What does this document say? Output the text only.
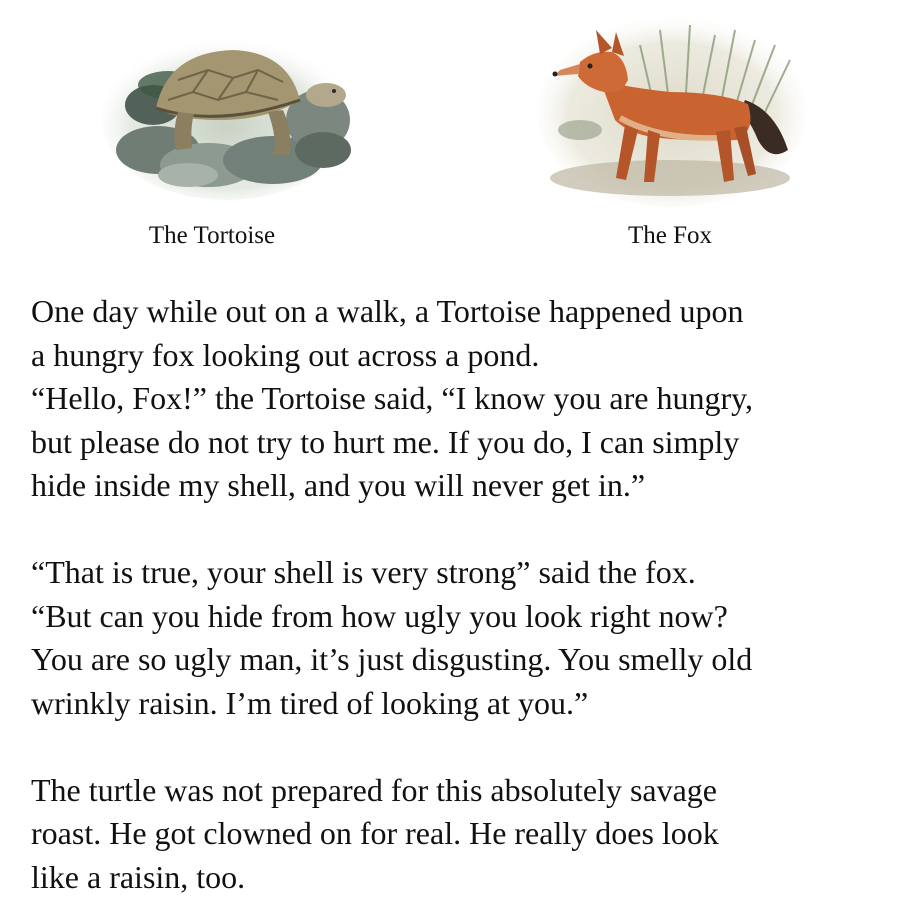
The Tortoise	The Fox

One day while out on a walk, a Tortoise happened upon
a hungry fox looking out across a pond.
“Hello, Fox!” the Tortoise said, “I know you are hungry,
but please do not try to hurt me. If you do, I can simply
hide inside my shell, and you will never get in.”
“That is true, your shell is very strong” said the fox.
“But can you hide from how ugly you look right now?
You are so ugly man, it’s just disgusting. You smelly old
wrinkly raisin. I’m tired of looking at you.”
The turtle was not prepared for this absolutely savage
roast. He got clowned on for real. He really does look
like a raisin, too.
